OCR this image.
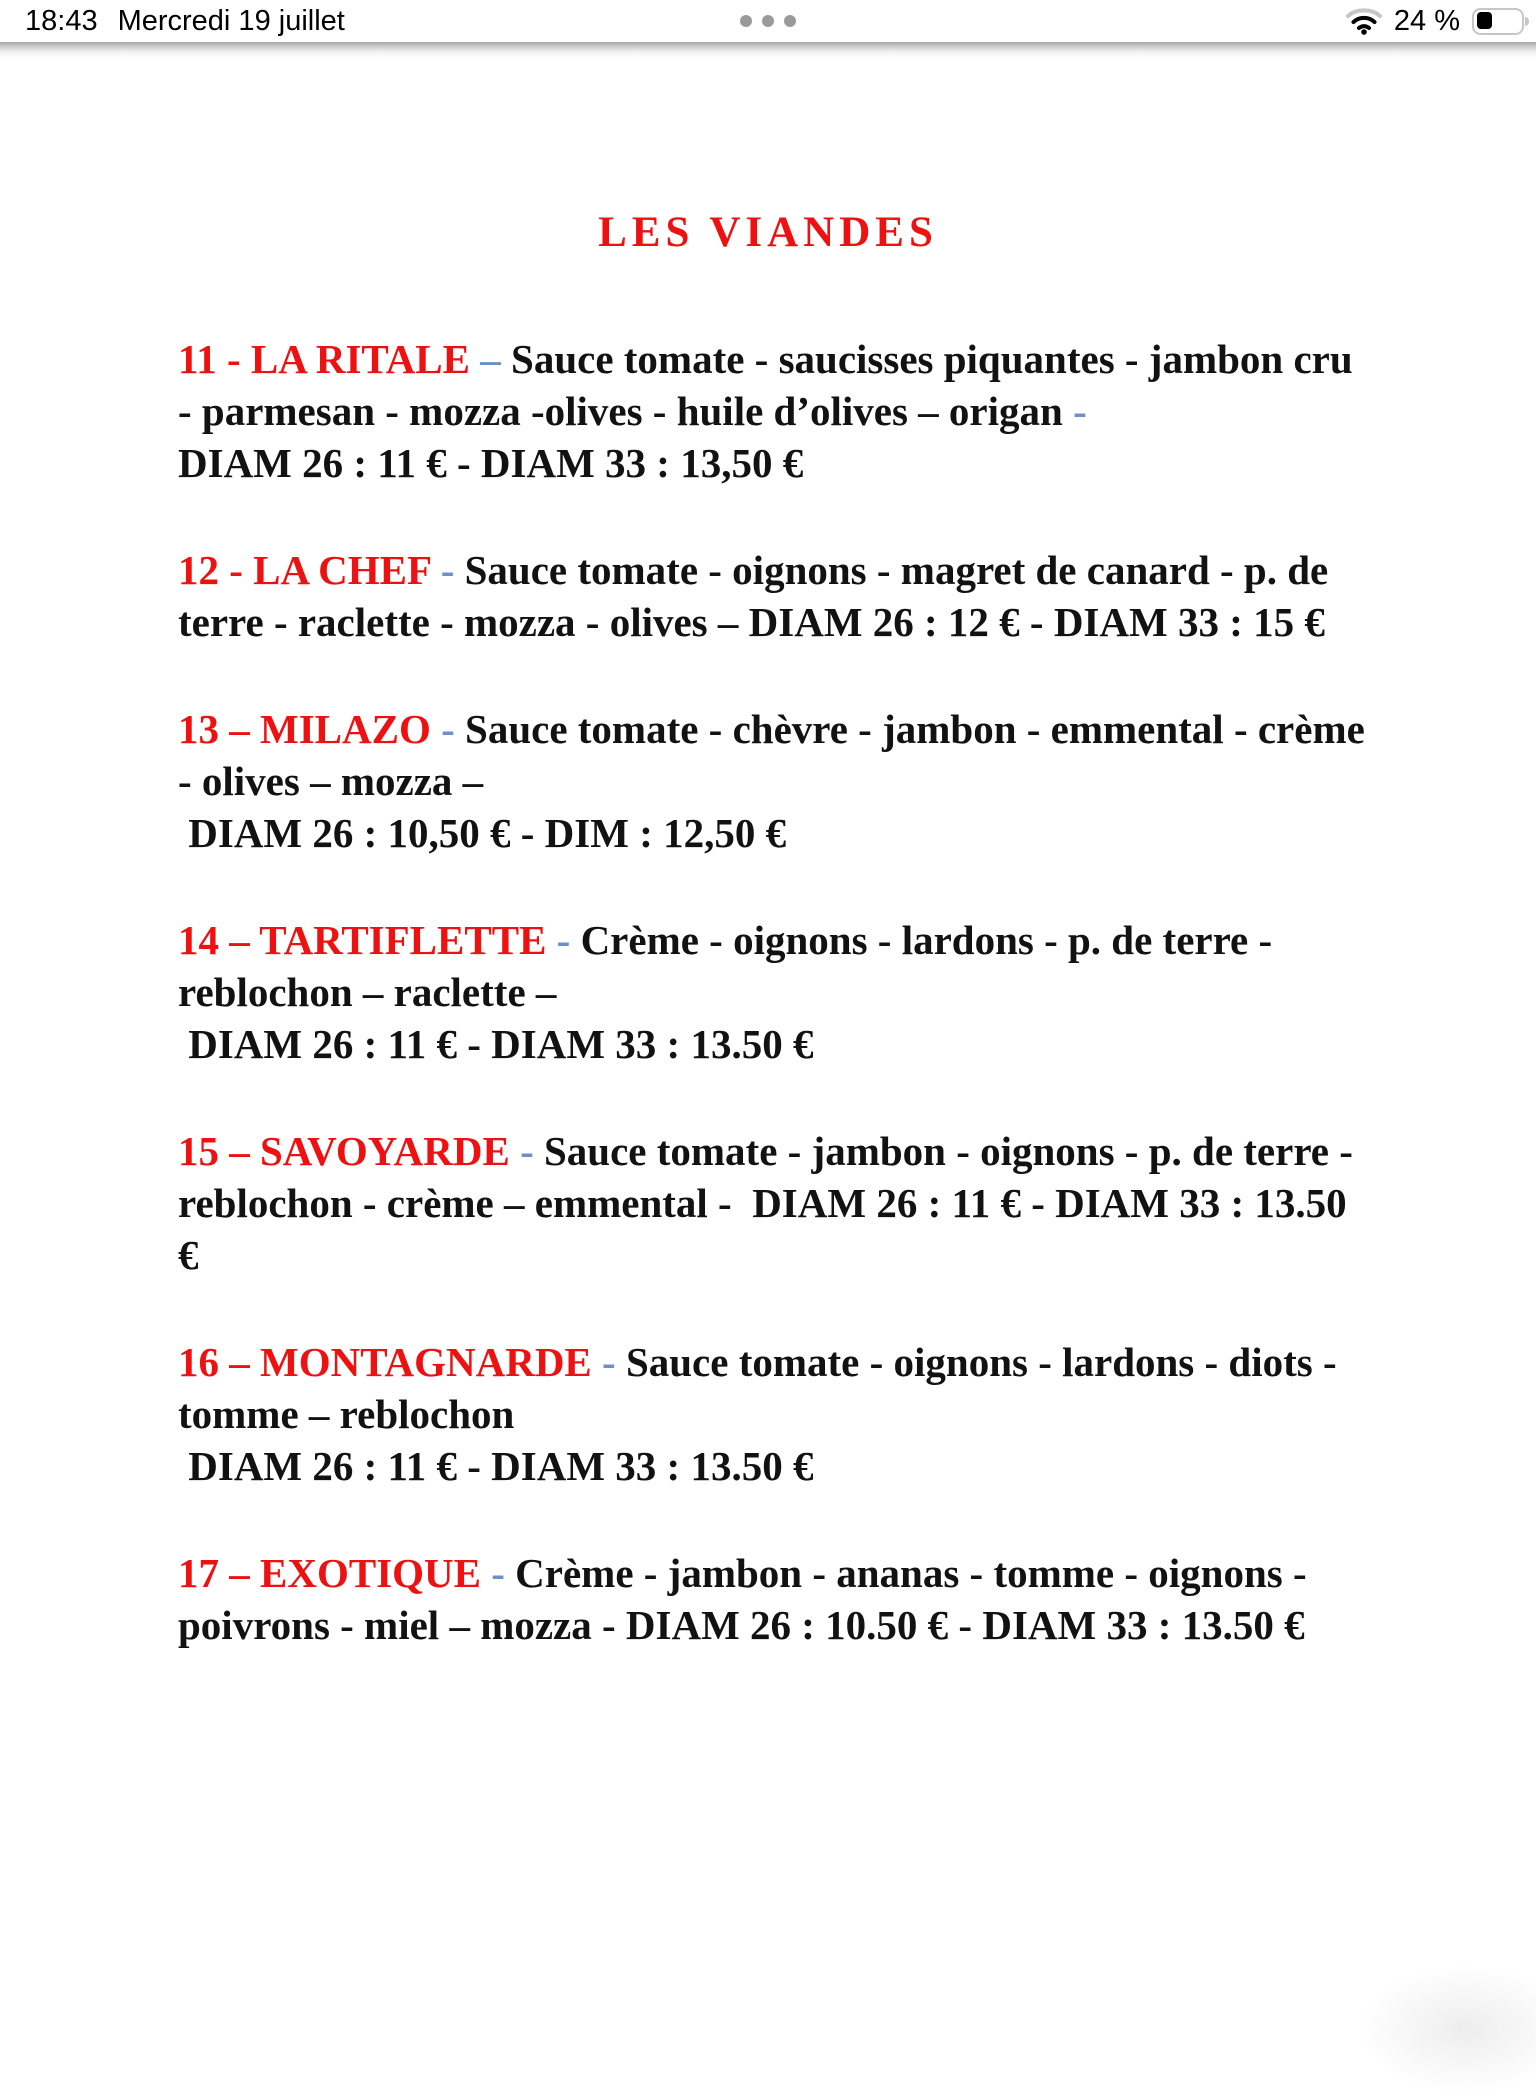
18:43 Mercredi 19 juillet	24 %
LES VIANDES

11 - LA RITALE – Sauce tomate - saucisses piquantes - jambon cru - parmesan - mozza -olives - huile d’olives – origan -
DIAM 26 : 11 € - DIAM 33 : 13,50 €

12 - LA CHEF - Sauce tomate - oignons - magret de canard - p. de terre - raclette - mozza - olives – DIAM 26 : 12 € - DIAM 33 : 15 €

13 – MILAZO - Sauce tomate - chèvre - jambon - emmental - crème - olives – mozza –
DIAM 26 : 10,50 € - DIM : 12,50 €

14 – TARTIFLETTE - Crème - oignons - lardons - p. de terre - reblochon – raclette –
DIAM 26 : 11 € - DIAM 33 : 13.50 €

15 – SAVOYARDE - Sauce tomate - jambon - oignons - p. de terre - reblochon - crème – emmental -  DIAM 26 : 11 € - DIAM 33 : 13.50 €

16 – MONTAGNARDE - Sauce tomate - oignons - lardons - diots - tomme – reblochon
DIAM 26 : 11 € - DIAM 33 : 13.50 €

17 – EXOTIQUE - Crème - jambon - ananas - tomme - oignons - poivrons - miel – mozza - DIAM 26 : 10.50 € - DIAM 33 : 13.50 €
